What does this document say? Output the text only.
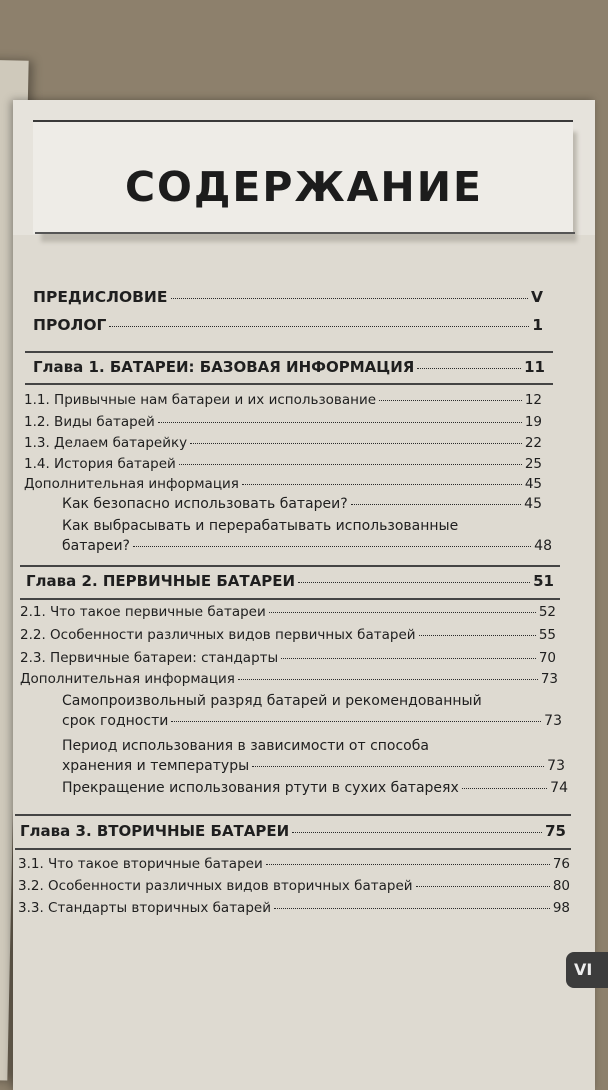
СОДЕРЖАНИЕ
ПРЕДИСЛОВИЕ	V
ПРОЛОГ	1
Глава 1. БАТАРЕИ: БАЗОВАЯ ИНФОРМАЦИЯ	11
1.1. Привычные нам батареи и их использование	12
1.2. Виды батарей	19
1.3. Делаем батарейку	22
1.4. История батарей	25
Дополнительная информация	45
Как безопасно использовать батареи?	45
Как выбрасывать и перерабатывать использованные
батареи?	48
Глава 2. ПЕРВИЧНЫЕ БАТАРЕИ	51
2.1. Что такое первичные батареи	52
2.2. Особенности различных видов первичных батарей	55
2.3. Первичные батареи: стандарты	70
Дополнительная информация	73
Самопроизвольный разряд батарей и рекомендованный
срок годности	73
Период использования в зависимости от способа
хранения и температуры	73
Прекращение использования ртути в сухих батареях	74
Глава 3. ВТОРИЧНЫЕ БАТАРЕИ	75
3.1. Что такое вторичные батареи	76
3.2. Особенности различных видов вторичных батарей	80
3.3. Стандарты вторичных батарей	98
VI
